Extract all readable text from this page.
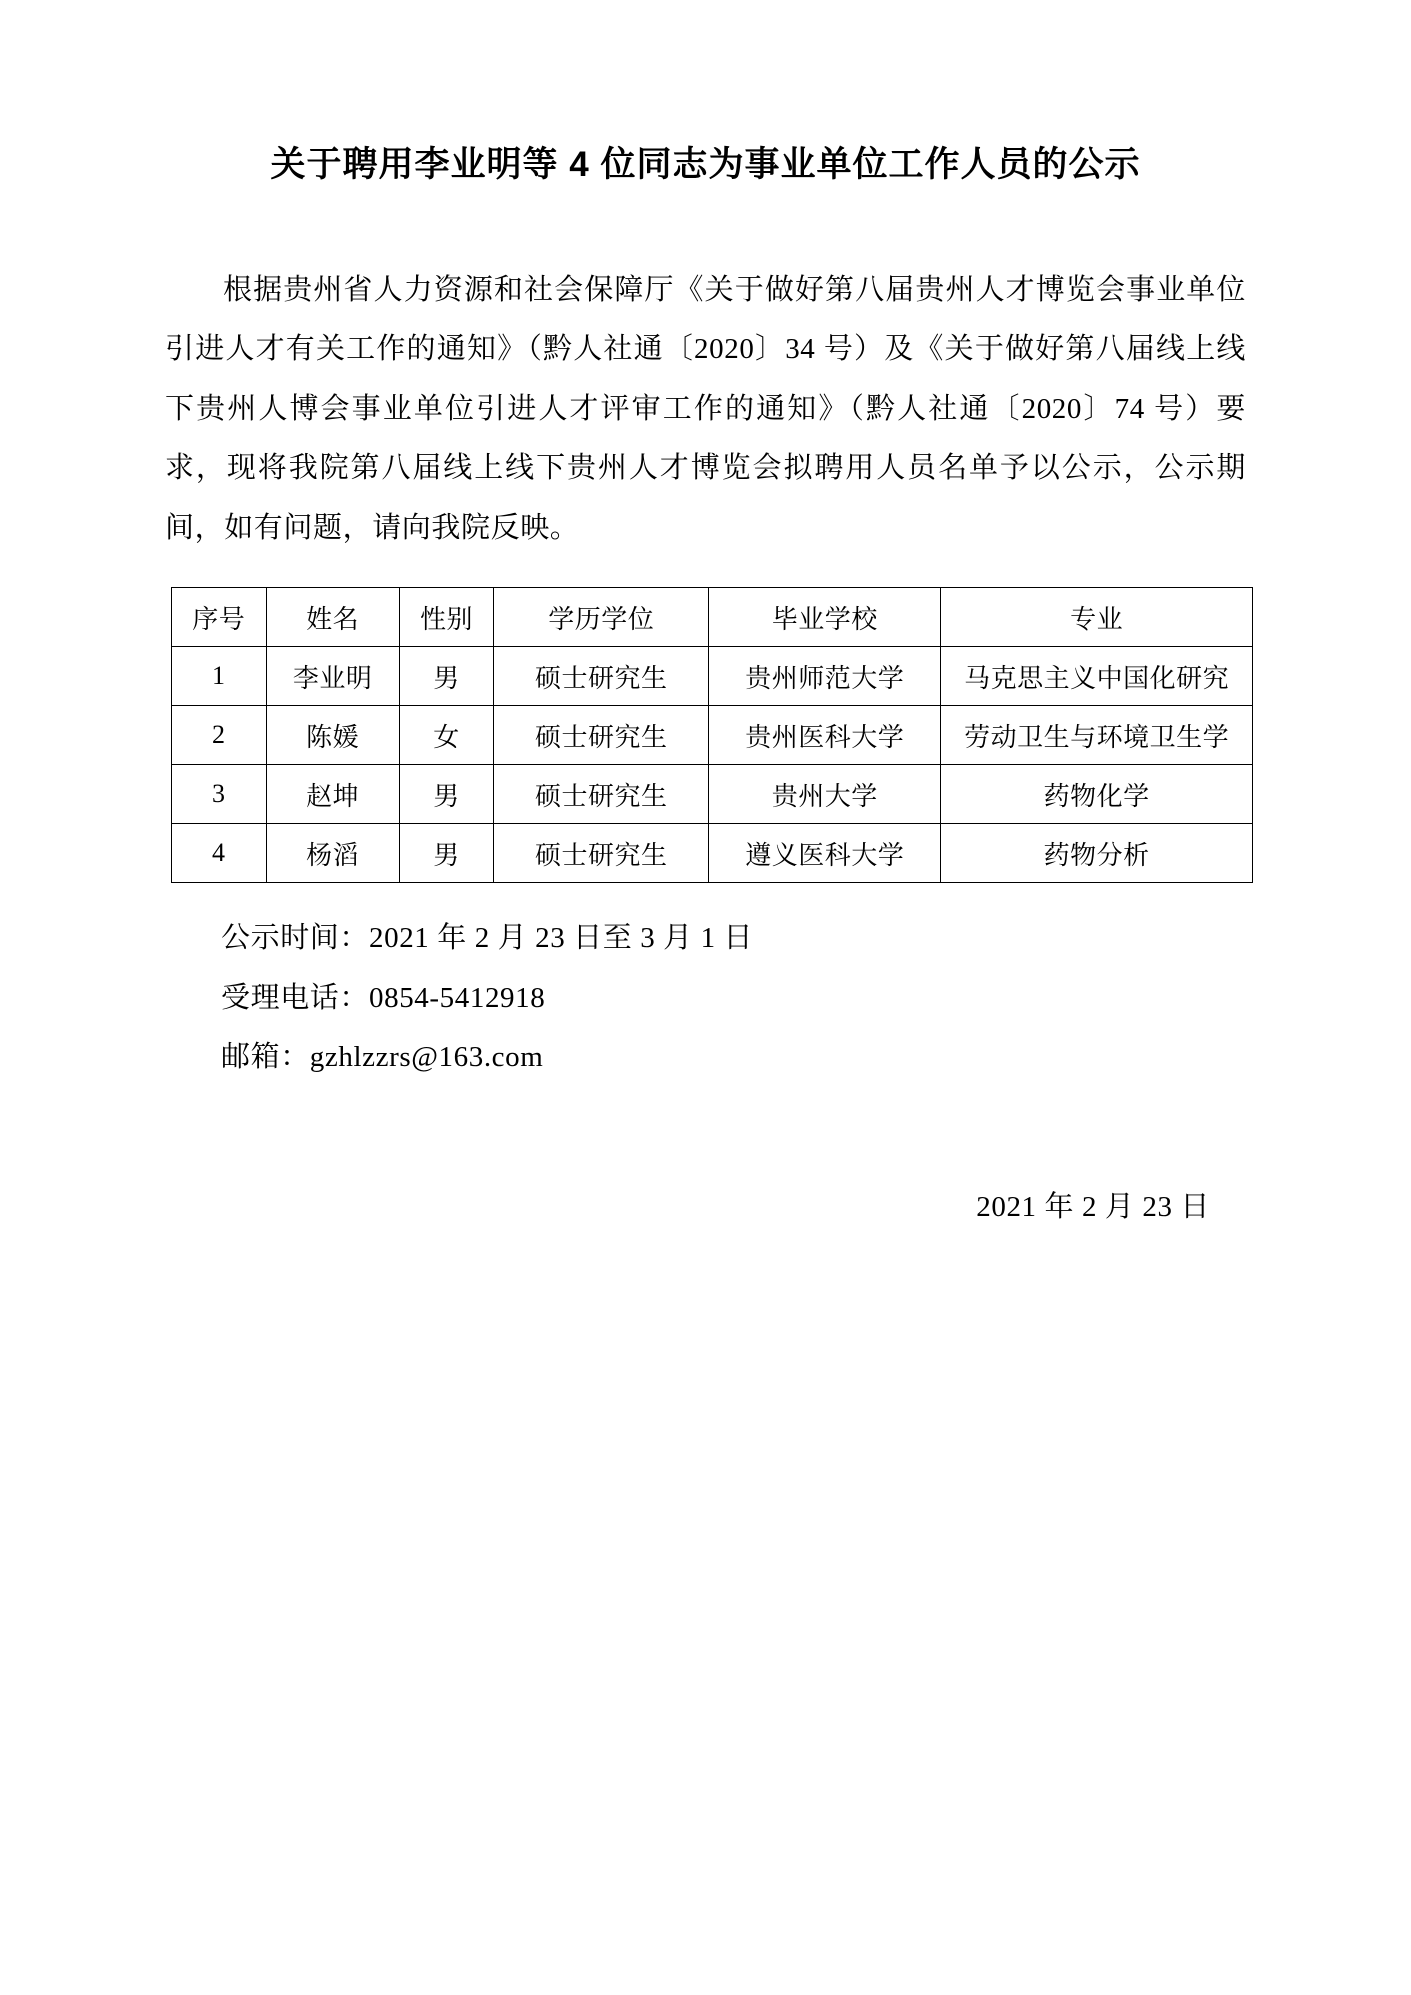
关于聘用李业明等 4 位同志为事业单位工作人员的公示

根据贵州省人力资源和社会保障厅《关于做好第八届贵州人才博览会事业单位引进人才有关工作的通知》（黔人社通〔2020〕34 号）及《关于做好第八届线上线下贵州人博会事业单位引进人才评审工作的通知》（黔人社通〔2020〕74 号）要求，现将我院第八届线上线下贵州人才博览会拟聘用人员名单予以公示，公示期间，如有问题，请向我院反映。

序号	姓名	性别	学历学位	毕业学校	专业
1	李业明	男	硕士研究生	贵州师范大学	马克思主义中国化研究
2	陈媛	女	硕士研究生	贵州医科大学	劳动卫生与环境卫生学
3	赵坤	男	硕士研究生	贵州大学	药物化学
4	杨滔	男	硕士研究生	遵义医科大学	药物分析
公示时间：2021 年 2 月 23 日至 3 月 1 日
受理电话：0854-5412918
邮箱：gzhlzzrs@163.com
2021 年 2 月 23 日
